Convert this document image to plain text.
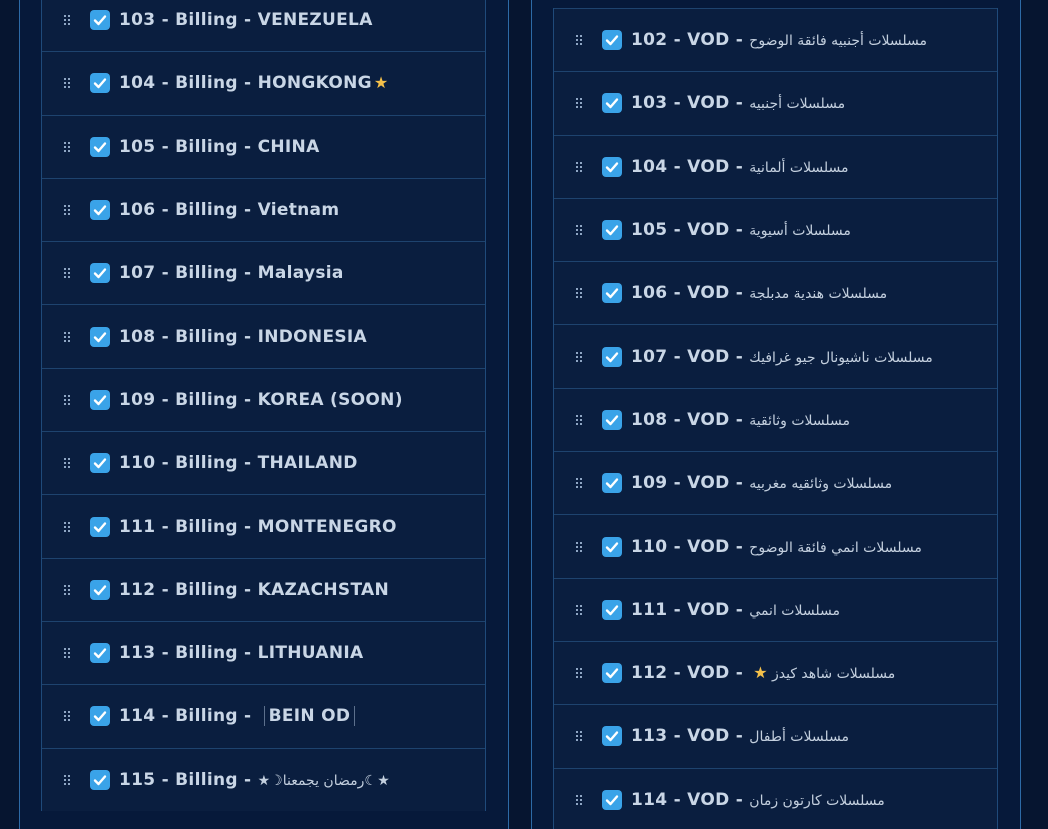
103 - Billing - VENEZUELA
104 - Billing - HONGKONG ★
105 - Billing - CHINA
106 - Billing - Vietnam
107 - Billing - Malaysia
108 - Billing - INDONESIA
109 - Billing - KOREA (SOON)
110 - Billing - THAILAND
111 - Billing - MONTENEGRO
112 - Billing - KAZACHSTAN
113 - Billing - LITHUANIA
114 - Billing - BEIN OD
115 - Billing - ★☾رمضان يجمعنا☽★
102 - VOD - مسلسلات أجنبيه فائقة الوضوح
103 - VOD - مسلسلات أجنبيه
104 - VOD - مسلسلات ألمانية
105 - VOD - مسلسلات أسيوية
106 - VOD - مسلسلات هندية مدبلجة
107 - VOD - مسلسلات ناشيونال جيو غرافيك
108 - VOD - مسلسلات وثائقية
109 - VOD - مسلسلات وثائقيه مغربيه
110 - VOD - مسلسلات انمي فائقة الوضوح
111 - VOD - مسلسلات انمي
112 - VOD - ★ مسلسلات شاهد كيدز
113 - VOD - مسلسلات أطفال
114 - VOD - مسلسلات كارتون زمان
